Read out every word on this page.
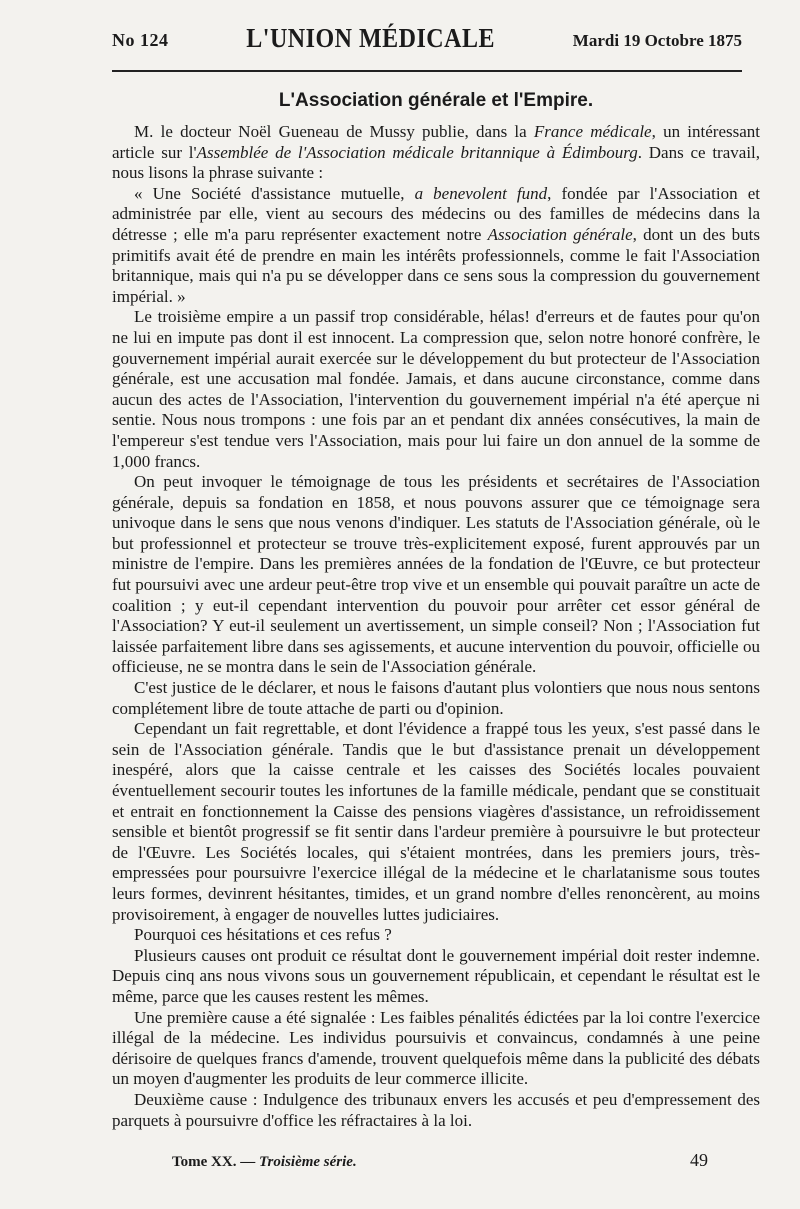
No 124	L'UNION MÉDICALE	Mardi 19 Octobre 1875
L'Association générale et l'Empire.

M. le docteur Noël Gueneau de Mussy publie, dans la France médicale, un intéressant article sur l'Assemblée de l'Association médicale britannique à Édimbourg. Dans ce travail, nous lisons la phrase suivante :

« Une Société d'assistance mutuelle, a benevolent fund, fondée par l'Association et administrée par elle, vient au secours des médecins ou des familles de médecins dans la détresse ; elle m'a paru représenter exactement notre Association générale, dont un des buts primitifs avait été de prendre en main les intérêts professionnels, comme le fait l'Association britannique, mais qui n'a pu se développer dans ce sens sous la compression du gouvernement impérial. »

Le troisième empire a un passif trop considérable, hélas! d'erreurs et de fautes pour qu'on ne lui en impute pas dont il est innocent. La compression que, selon notre honoré confrère, le gouvernement impérial aurait exercée sur le développement du but protecteur de l'Association générale, est une accusation mal fondée. Jamais, et dans aucune circonstance, comme dans aucun des actes de l'Association, l'intervention du gouvernement impérial n'a été aperçue ni sentie. Nous nous trompons : une fois par an et pendant dix années consécutives, la main de l'empereur s'est tendue vers l'Association, mais pour lui faire un don annuel de la somme de 1,000 francs.

On peut invoquer le témoignage de tous les présidents et secrétaires de l'Association générale, depuis sa fondation en 1858, et nous pouvons assurer que ce témoignage sera univoque dans le sens que nous venons d'indiquer. Les statuts de l'Association générale, où le but professionnel et protecteur se trouve très-explicitement exposé, furent approuvés par un ministre de l'empire. Dans les premières années de la fondation de l'Œuvre, ce but protecteur fut poursuivi avec une ardeur peut-être trop vive et un ensemble qui pouvait paraître un acte de coalition ; y eut-il cependant intervention du pouvoir pour arrêter cet essor général de l'Association? Y eut-il seulement un avertissement, un simple conseil? Non ; l'Association fut laissée parfaitement libre dans ses agissements, et aucune intervention du pouvoir, officielle ou officieuse, ne se montra dans le sein de l'Association générale.

C'est justice de le déclarer, et nous le faisons d'autant plus volontiers que nous nous sentons complétement libre de toute attache de parti ou d'opinion.

Cependant un fait regrettable, et dont l'évidence a frappé tous les yeux, s'est passé dans le sein de l'Association générale. Tandis que le but d'assistance prenait un développement inespéré, alors que la caisse centrale et les caisses des Sociétés locales pouvaient éventuellement secourir toutes les infortunes de la famille médicale, pendant que se constituait et entrait en fonctionnement la Caisse des pensions viagères d'assistance, un refroidissement sensible et bientôt progressif se fit sentir dans l'ardeur première à poursuivre le but protecteur de l'Œuvre. Les Sociétés locales, qui s'étaient montrées, dans les premiers jours, très-empressées pour poursuivre l'exercice illégal de la médecine et le charlatanisme sous toutes leurs formes, devinrent hésitantes, timides, et un grand nombre d'elles renoncèrent, au moins provisoirement, à engager de nouvelles luttes judiciaires.

Pourquoi ces hésitations et ces refus ?

Plusieurs causes ont produit ce résultat dont le gouvernement impérial doit rester indemne. Depuis cinq ans nous vivons sous un gouvernement républicain, et cependant le résultat est le même, parce que les causes restent les mêmes.

Une première cause a été signalée : Les faibles pénalités édictées par la loi contre l'exercice illégal de la médecine. Les individus poursuivis et convaincus, condamnés à une peine dérisoire de quelques francs d'amende, trouvent quelquefois même dans la publicité des débats un moyen d'augmenter les produits de leur commerce illicite.

Deuxième cause : Indulgence des tribunaux envers les accusés et peu d'empressement des parquets à poursuivre d'office les réfractaires à la loi.

Tome XX. — Troisième série.	49
